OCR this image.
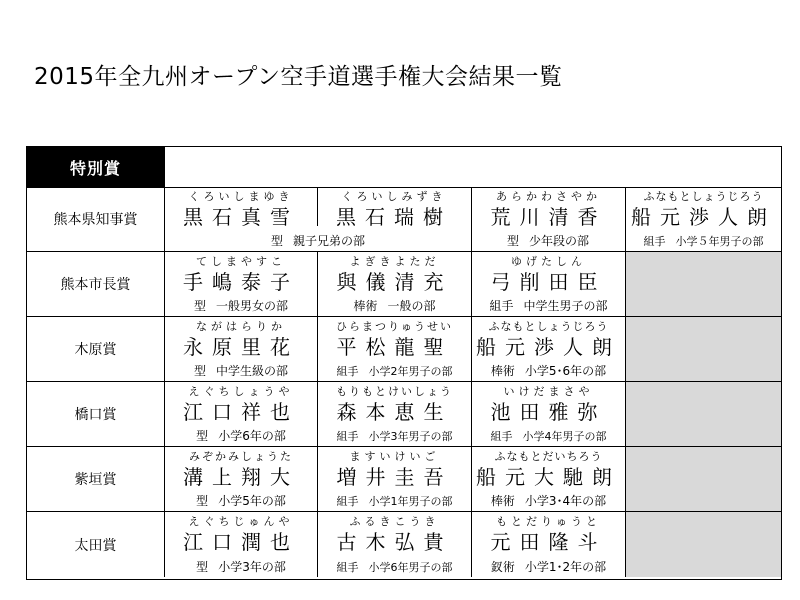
2015年全九州オープン空手道選手権大会結果一覧
特別賞
熊本県知事賞
くろいしまゆき
黒石真雪
くろいしみずき
黒石瑞樹
あらかわさやか
荒川清香
ふなもとしょうじろう
船元渉人朗
組手 小学５年男子の部
型 親子兄弟の部	型 少年段の部
熊本市長賞
てしまやすこ
手嶋泰子
型 一般男女の部
よぎきよただ
與儀清充
棒術 一般の部
ゆげたしん
弓削田臣
組手 中学生男子の部
木原賞
ながはらりか
永原里花
型 中学生級の部
ひらまつりゅうせい
平松龍聖
組手 小学2年男子の部
ふなもとしょうじろう
船元渉人朗
棒術 小学5･6年の部
橋口賞
えぐちしょうや
江口祥也
型 小学6年の部
もりもとけいしょう
森本恵生
組手 小学3年男子の部
いけだまさや
池田雅弥
組手 小学4年男子の部
紫垣賞
みぞかみしょうた
溝上翔大
型 小学5年の部
ますいけいご
増井圭吾
組手 小学1年男子の部
ふなもとだいちろう
船元大馳朗
棒術 小学3･4年の部
太田賞
えぐちじゅんや
江口潤也
型 小学3年の部
ふるきこうき
古木弘貴
組手 小学6年男子の部
もとだりゅうと
元田隆斗
釵術 小学1･2年の部
